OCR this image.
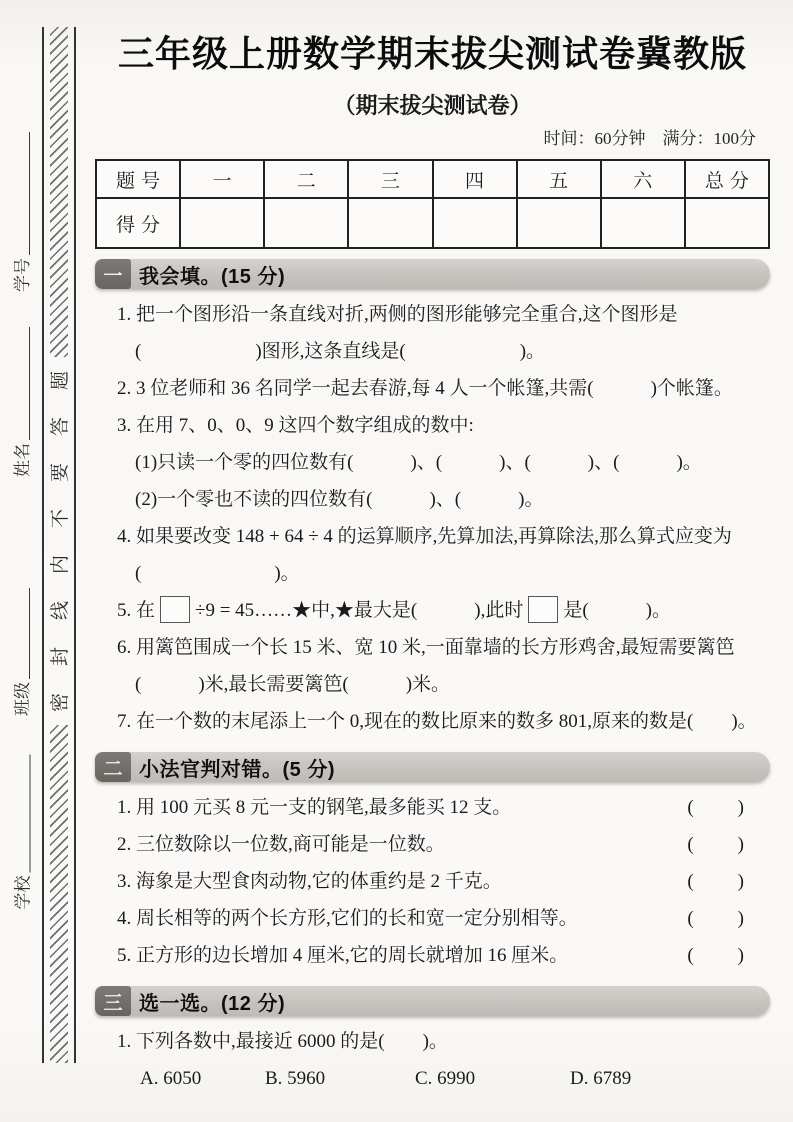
学号
姓名
班级
学校
题
答
要
不
内
线
封
密
三年级上册数学期末拔尖测试卷冀教版
（期末拔尖测试卷）
时间：60分钟　满分：100分
题号	一	二	三	四	五	六	总分
得分							
一 我会填。(15 分)
1. 把一个图形沿一条直线对折,两侧的图形能够完全重合,这个图形是
(　　　　　　)图形,这条直线是(　　　　　　)。
2. 3 位老师和 36 名同学一起去春游,每 4 人一个帐篷,共需(　　　)个帐篷。
3. 在用 7、0、0、9 这四个数字组成的数中:
(1)只读一个零的四位数有(　　　)、(　　　)、(　　　)、(　　　)。
(2)一个零也不读的四位数有(　　　)、(　　　)。
4. 如果要改变 148 + 64 ÷ 4 的运算顺序,先算加法,再算除法,那么算式应变为
(　　　　　　　)。
5. 在 ÷9 = 45……★中,★最大是(　　　),此时 是(　　　)。
6. 用篱笆围成一个长 15 米、宽 10 米,一面靠墙的长方形鸡舍,最短需要篱笆
(　　　)米,最长需要篱笆(　　　)米。
7. 在一个数的末尾添上一个 0,现在的数比原来的数多 801,原来的数是(　　)。
二 小法官判对错。(5 分)
1. 用 100 元买 8 元一支的钢笔,最多能买 12 支。	(　　)
2. 三位数除以一位数,商可能是一位数。	(　　)
3. 海象是大型食肉动物,它的体重约是 2 千克。	(　　)
4. 周长相等的两个长方形,它们的长和宽一定分别相等。	(　　)
5. 正方形的边长增加 4 厘米,它的周长就增加 16 厘米。	(　　)
三 选一选。(12 分)
1. 下列各数中,最接近 6000 的是(　　)。
A. 6050	B. 5960	C. 6990	D. 6789
